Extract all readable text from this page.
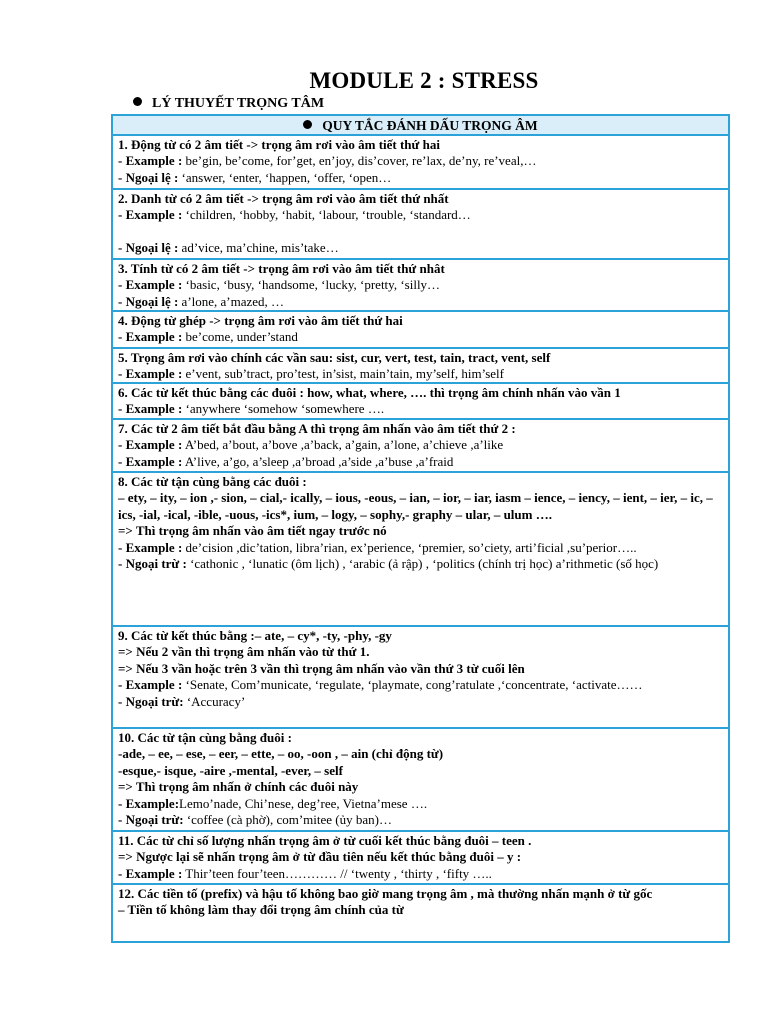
MODULE 2 : STRESS
LÝ THUYẾT TRỌNG TÂM
QUY TẮC ĐÁNH DẤU TRỌNG ÂM
1. Động từ có 2 âm tiết -> trọng âm rơi vào âm tiết thứ hai
- Example : be’gin, be’come, for’get, en’joy, dis’cover, re’lax, de’ny, re’veal,…
- Ngoại lệ : ‘answer, ‘enter, ‘happen, ‘offer, ‘open…
2. Danh từ có 2 âm tiết -> trọng âm rơi vào âm tiết thứ nhất
- Example : ‘children, ‘hobby, ‘habit, ‘labour, ‘trouble, ‘standard…
- Ngoại lệ : ad’vice, ma’chine, mis’take…
3. Tính từ có 2 âm tiết -> trọng âm rơi vào âm tiết thứ nhât
- Example : ‘basic, ‘busy, ‘handsome, ‘lucky, ‘pretty, ‘silly…
- Ngoại lệ : a’lone, a’mazed, …
4. Động từ ghép -> trọng âm rơi vào âm tiết thứ hai
- Example : be’come, under’stand
5. Trọng âm rơi vào chính các vần sau: sist, cur, vert, test, tain, tract, vent, self
- Example : e’vent, sub’tract, pro’test, in’sist, main’tain, my’self, him’self
6. Các từ kết thúc bằng các đuôi : how, what, where, …. thì trọng âm chính nhấn vào vần 1
- Example : ‘anywhere ‘somehow ‘somewhere ….
7. Các từ 2 âm tiết bắt đầu bằng A thì trọng âm nhấn vào âm tiết thứ 2 :
- Example : A’bed, a’bout, a’bove ,a’back, a’gain, a’lone, a’chieve ,a’like
- Example : A’live, a’go, a’sleep ,a’broad ,a’side ,a’buse ,a’fraid
8. Các từ tận cùng bằng các đuôi :
– ety, – ity, – ion ,- sion, – cial,- ically, – ious, -eous, – ian, – ior, – iar, iasm – ience, – iency, – ient, – ier, – ic, – ics, -ial, -ical, -ible, -uous, -ics*, ium, – logy, – sophy,- graphy – ular, – ulum ….
=> Thì trọng âm nhấn vào âm tiết ngay trước nó
- Example : de’cision ,dic’tation, libra’rian, ex’perience, ‘premier, so’ciety, arti’ficial ,su’perior…..
- Ngoại trừ : ‘cathonic , ‘lunatic (ôm lịch) , ‘arabic (ả rập) , ‘politics (chính trị học) a’rithmetic (số học)
9. Các từ kết thúc bằng :– ate, – cy*, -ty, -phy, -gy
=> Nếu 2 vần thì trọng âm nhấn vào từ thứ 1.
=> Nếu 3 vần hoặc trên 3 vần thì trọng âm nhấn vào vần thứ 3 từ cuối lên
- Example : ‘Senate, Com’municate, ‘regulate, ‘playmate, cong’ratulate ,‘concentrate, ‘activate……
- Ngoại trừ: ‘Accuracy’
10. Các từ tận cùng bằng đuôi :
-ade, – ee, – ese, – eer, – ette, – oo, -oon , – ain (chỉ động từ)
-esque,- isque, -aire ,-mental, -ever, – self
=> Thì trọng âm nhấn ở chính các đuôi này
- Example:Lemo’nade, Chi’nese, deg’ree, Vietna’mese ….
- Ngoại trừ: ‘coffee (cà phờ), com’mitee (ủy ban)…
11. Các từ chỉ số lượng nhấn trọng âm ở từ cuối kết thúc bằng đuôi – teen .
=> Ngược lại sẽ nhấn trọng âm ở từ đầu tiên nếu kết thúc bằng đuôi – y :
- Example : Thir’teen four’teen………… // ‘twenty , ‘thirty , ‘fifty …..
12. Các tiền tố (prefix) và hậu tố không bao giờ mang trọng âm , mà thường nhấn mạnh ở từ gốc
– Tiền tố không làm thay đổi trọng âm chính của từ
